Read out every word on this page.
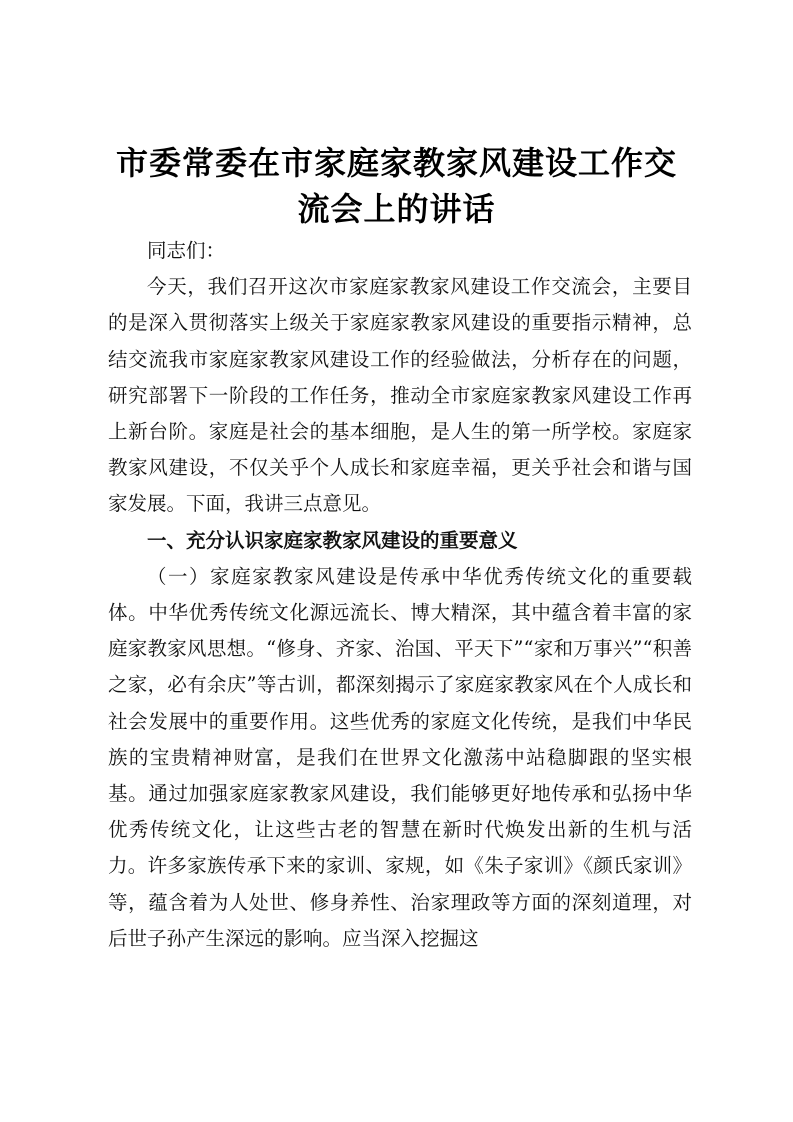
市委常委在市家庭家教家风建设工作交流会上的讲话

同志们：

今天，我们召开这次市家庭家教家风建设工作交流会，主要目的是深入贯彻落实上级关于家庭家教家风建设的重要指示精神，总结交流我市家庭家教家风建设工作的经验做法，分析存在的问题，研究部署下一阶段的工作任务，推动全市家庭家教家风建设工作再上新台阶。家庭是社会的基本细胞，是人生的第一所学校。家庭家教家风建设，不仅关乎个人成长和家庭幸福，更关乎社会和谐与国家发展。下面，我讲三点意见。

一、充分认识家庭家教家风建设的重要意义

（一）家庭家教家风建设是传承中华优秀传统文化的重要载体。中华优秀传统文化源远流长、博大精深，其中蕴含着丰富的家庭家教家风思想。“修身、齐家、治国、平天下”“家和万事兴”“积善之家，必有余庆”等古训，都深刻揭示了家庭家教家风在个人成长和社会发展中的重要作用。这些优秀的家庭文化传统，是我们中华民族的宝贵精神财富，是我们在世界文化激荡中站稳脚跟的坚实根基。通过加强家庭家教家风建设，我们能够更好地传承和弘扬中华优秀传统文化，让这些古老的智慧在新时代焕发出新的生机与活力。许多家族传承下来的家训、家规，如《朱子家训》《颜氏家训》等，蕴含着为人处世、修身养性、治家理政等方面的深刻道理，对后世子孙产生深远的影响。应当深入挖掘这
